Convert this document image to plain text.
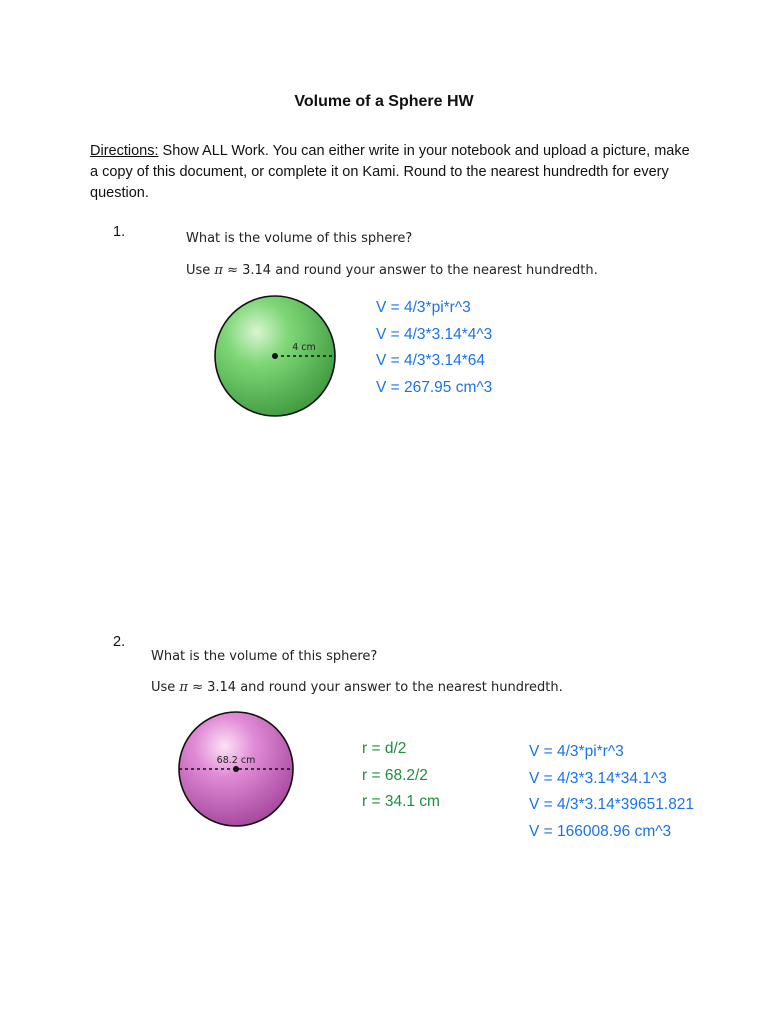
Volume of a Sphere HW
Directions: Show ALL Work. You can either write in your notebook and upload a picture, make a copy of this document, or complete it on Kami. Round to the nearest hundredth for every question.
1.	What is the volume of this sphere?
Use π ≈ 3.14 and round your answer to the nearest hundredth.
4 cm
V = 4/3*pi*r^3
V = 4/3*3.14*4^3
V = 4/3*3.14*64
V = 267.95 cm^3
2.
What is the volume of this sphere?
Use π ≈ 3.14 and round your answer to the nearest hundredth.
68.2 cm
r = d/2
r = 68.2/2
r = 34.1 cm
V = 4/3*pi*r^3
V = 4/3*3.14*34.1^3
V = 4/3*3.14*39651.821
V = 166008.96 cm^3
